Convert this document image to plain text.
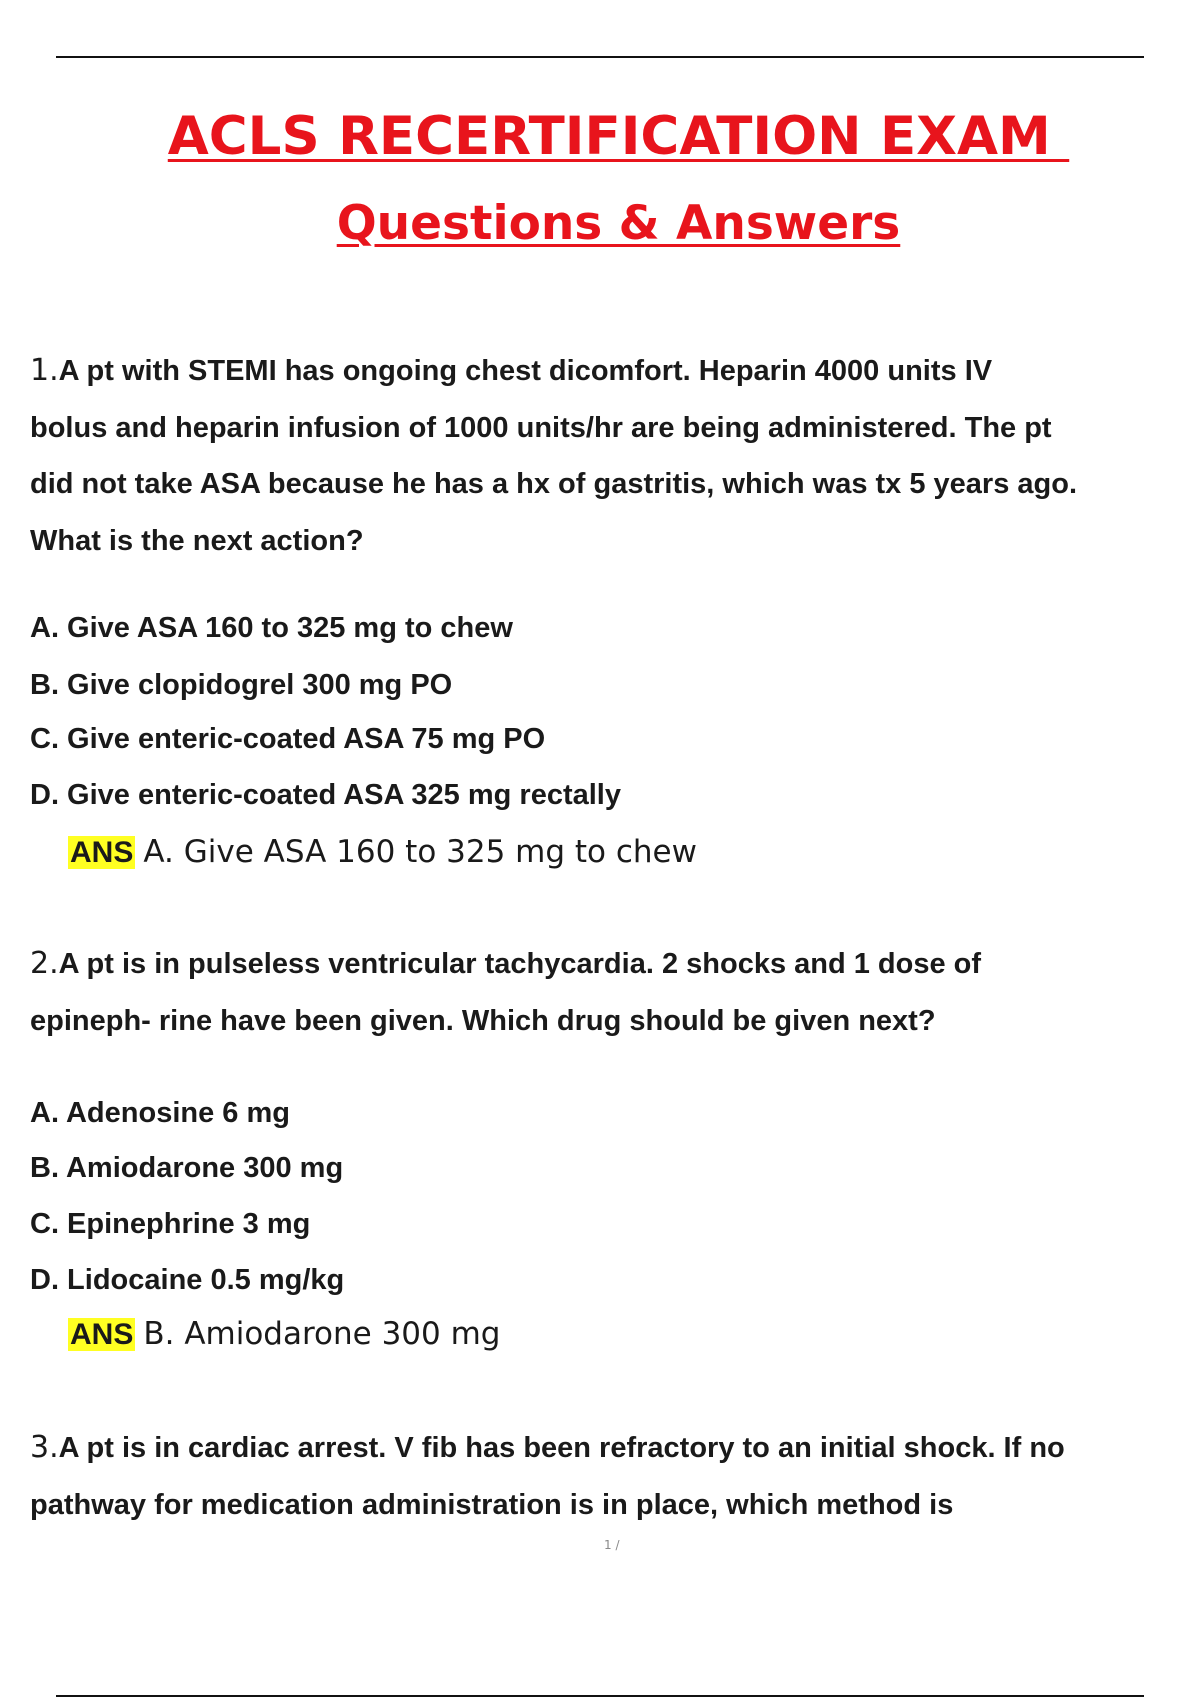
ACLS RECERTIFICATION EXAM
Questions & Answers
1.A pt with STEMI has ongoing chest dicomfort. Heparin 4000 units IV
bolus and heparin infusion of 1000 units/hr are being administered. The pt
did not take ASA because he has a hx of gastritis, which was tx 5 years ago.
What is the next action?
A. Give ASA 160 to 325 mg to chew
B. Give clopidogrel 300 mg PO
C. Give enteric-coated ASA 75 mg PO
D. Give enteric-coated ASA 325 mg rectally
ANS A. Give ASA 160 to 325 mg to chew
2.A pt is in pulseless ventricular tachycardia. 2 shocks and 1 dose of
epineph- rine have been given. Which drug should be given next?
A. Adenosine 6 mg
B. Amiodarone 300 mg
C. Epinephrine 3 mg
D. Lidocaine 0.5 mg/kg
ANS B. Amiodarone 300 mg
3.A pt is in cardiac arrest. V fib has been refractory to an initial shock. If no
pathway for medication administration is in place, which method is
1 /
